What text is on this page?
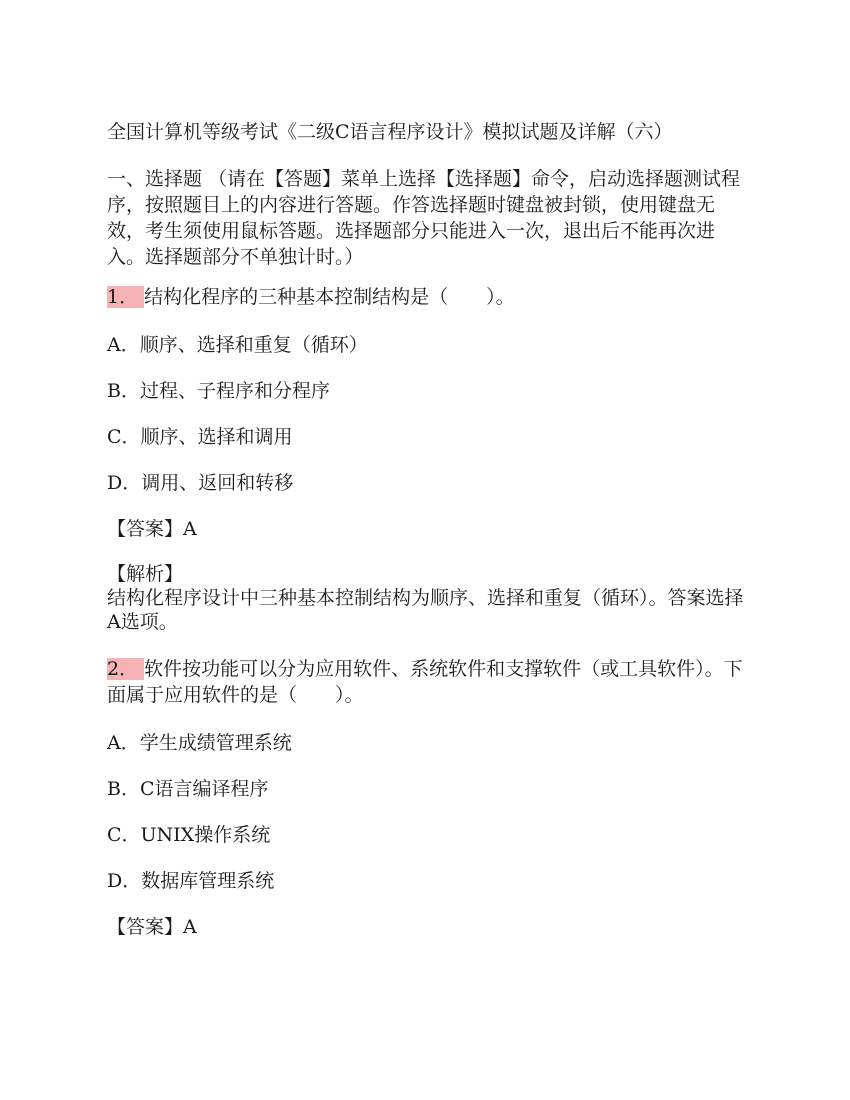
全国计算机等级考试《二级C语言程序设计》模拟试题及详解（六）

一、选择题 （请在【答题】菜单上选择【选择题】命令，启动选择题测试程序，按照题目上的内容进行答题。作答选择题时键盘被封锁，使用键盘无效，考生须使用鼠标答题。选择题部分只能进入一次，退出后不能再次进入。选择题部分不单独计时。）

1． 结构化程序的三种基本控制结构是（　　）。

A．顺序、选择和重复（循环）

B．过程、子程序和分程序

C．顺序、选择和调用

D．调用、返回和转移

【答案】A

【解析】

结构化程序设计中三种基本控制结构为顺序、选择和重复（循环）。答案选择A选项。

2． 软件按功能可以分为应用软件、系统软件和支撑软件（或工具软件）。下面属于应用软件的是（　　）。

A．学生成绩管理系统

B．C语言编译程序

C．UNIX操作系统

D．数据库管理系统

【答案】A
